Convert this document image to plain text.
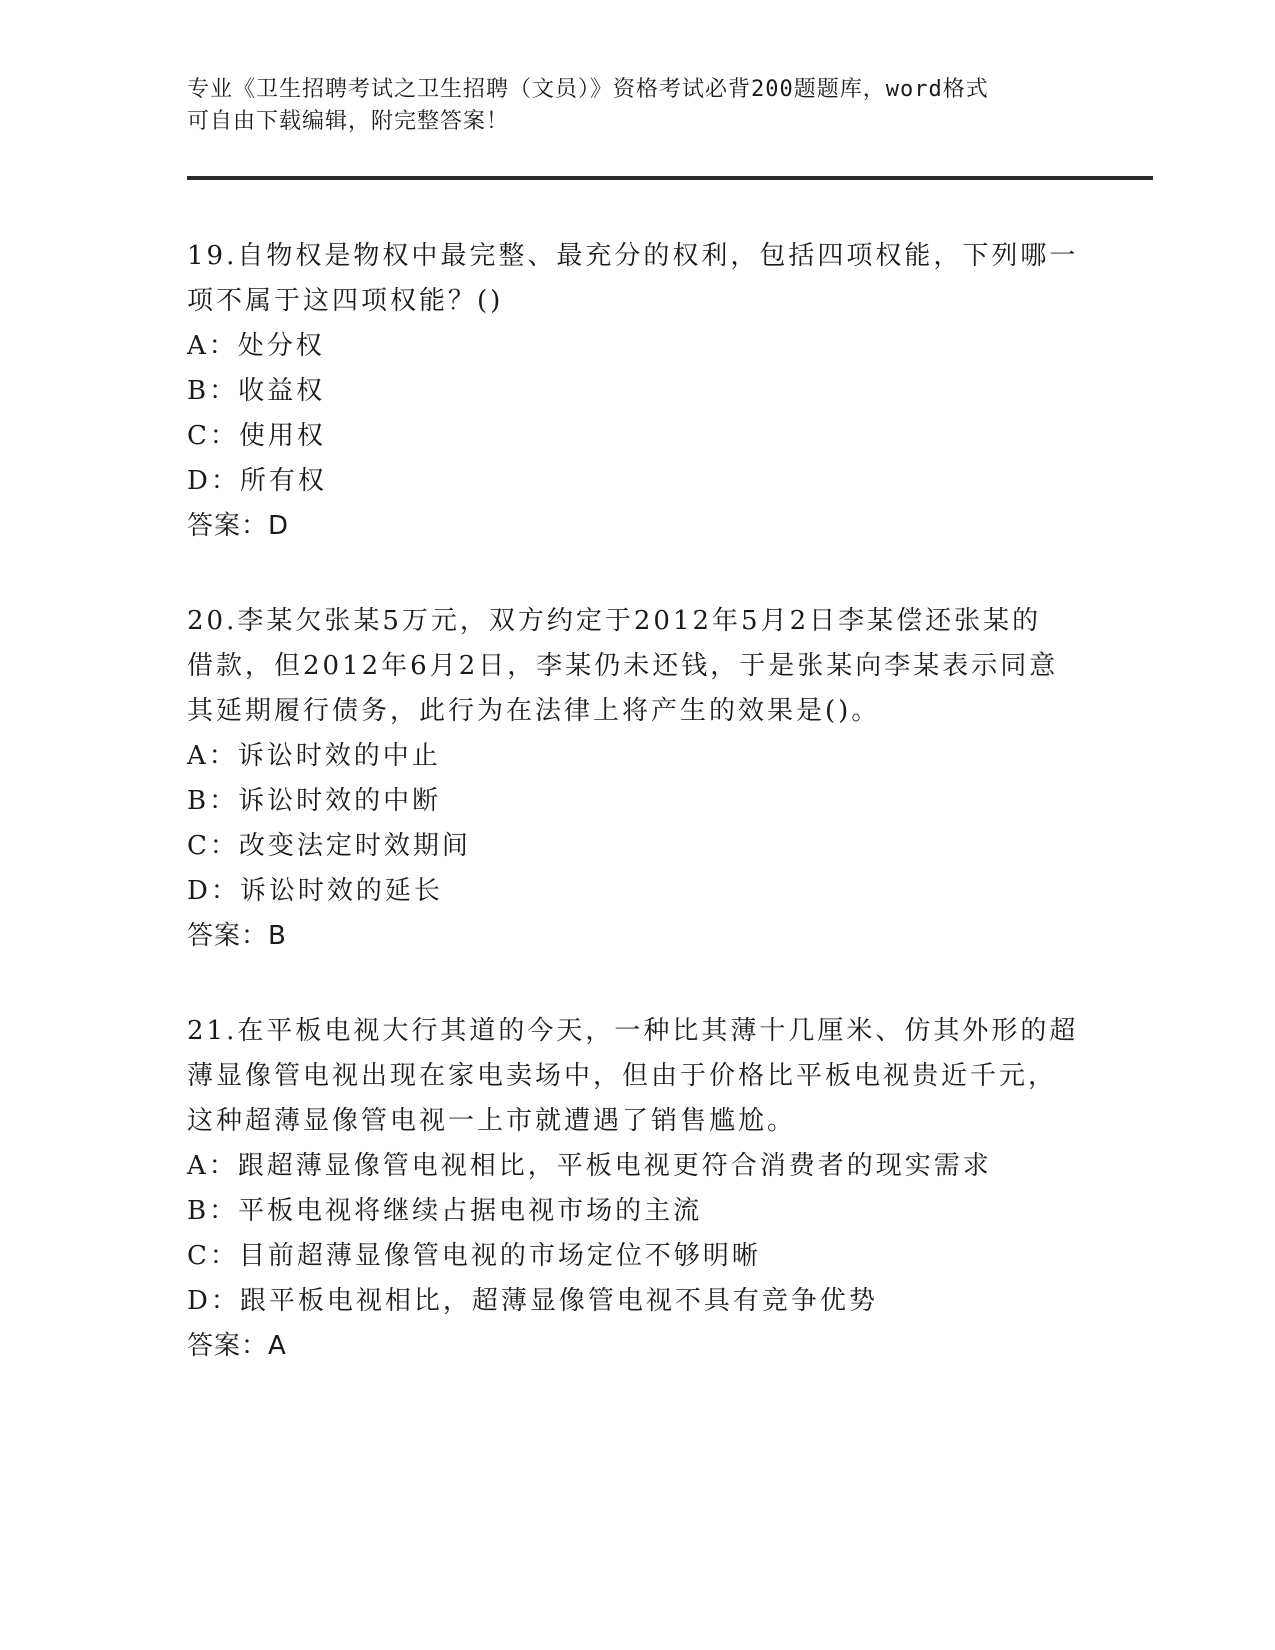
专业《卫生招聘考试之卫生招聘（文员）》资格考试必背200题题库，word格式
可自由下载编辑，附完整答案！
19.自物权是物权中最完整、最充分的权利，包括四项权能，下列哪一
项不属于这四项权能？()
A：处分权
B：收益权
C：使用权
D：所有权
答案：D
20.李某欠张某5万元，双方约定于2012年5月2日李某偿还张某的
借款，但2012年6月2日，李某仍未还钱，于是张某向李某表示同意
其延期履行债务，此行为在法律上将产生的效果是()。
A：诉讼时效的中止
B：诉讼时效的中断
C：改变法定时效期间
D：诉讼时效的延长
答案：B
21.在平板电视大行其道的今天，一种比其薄十几厘米、仿其外形的超
薄显像管电视出现在家电卖场中，但由于价格比平板电视贵近千元，
这种超薄显像管电视一上市就遭遇了销售尴尬。
A：跟超薄显像管电视相比，平板电视更符合消费者的现实需求
B：平板电视将继续占据电视市场的主流
C：目前超薄显像管电视的市场定位不够明晰
D：跟平板电视相比，超薄显像管电视不具有竞争优势
答案：A
